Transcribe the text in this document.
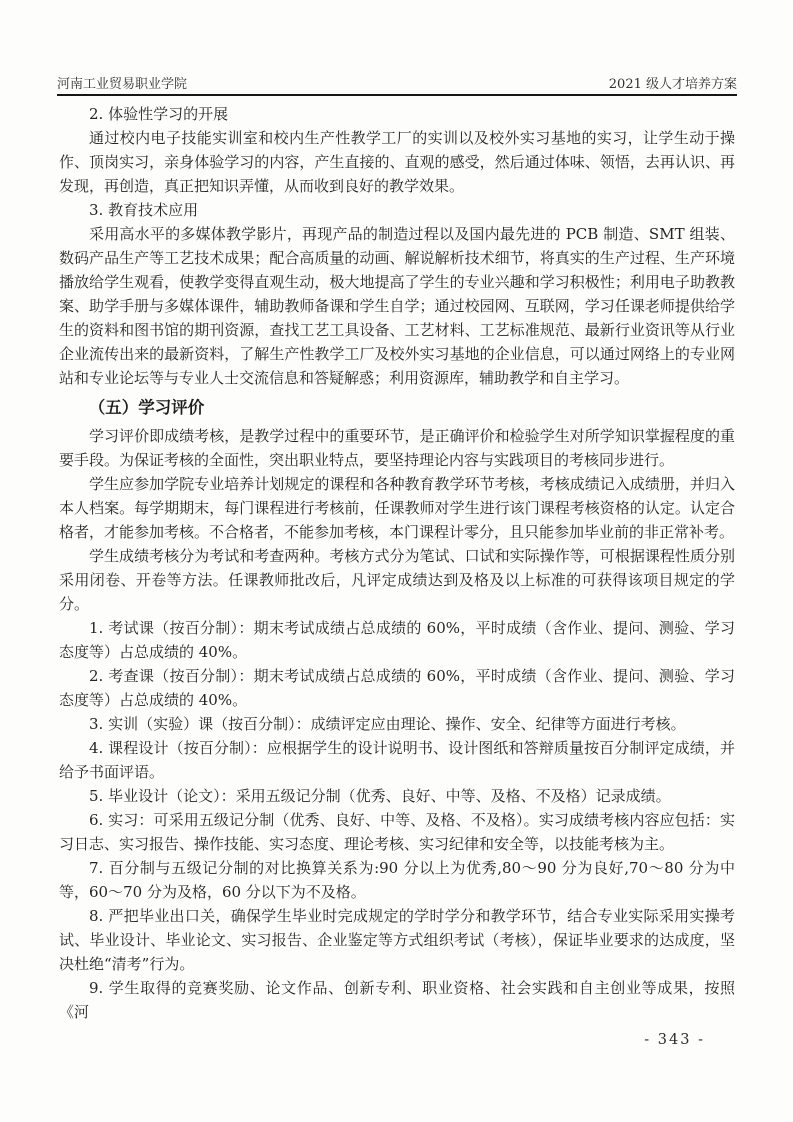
河南工业贸易职业学院	2021 级人才培养方案

2. 体验性学习的开展

通过校内电子技能实训室和校内生产性教学工厂的实训以及校外实习基地的实习，让学生动于操作、顶岗实习，亲身体验学习的内容，产生直接的、直观的感受，然后通过体味、领悟，去再认识、再发现，再创造，真正把知识弄懂，从而收到良好的教学效果。

3. 教育技术应用

采用高水平的多媒体教学影片，再现产品的制造过程以及国内最先进的 PCB 制造、SMT 组装、数码产品生产等工艺技术成果；配合高质量的动画、解说解析技术细节，将真实的生产过程、生产环境播放给学生观看，使教学变得直观生动，极大地提高了学生的专业兴趣和学习积极性；利用电子助教教案、助学手册与多媒体课件，辅助教师备课和学生自学；通过校园网、互联网，学习任课老师提供给学生的资料和图书馆的期刊资源，查找工艺工具设备、工艺材料、工艺标准规范、最新行业资讯等从行业企业流传出来的最新资料，了解生产性教学工厂及校外实习基地的企业信息，可以通过网络上的专业网站和专业论坛等与专业人士交流信息和答疑解惑；利用资源库，辅助教学和自主学习。

（五）学习评价

学习评价即成绩考核，是教学过程中的重要环节，是正确评价和检验学生对所学知识掌握程度的重要手段。为保证考核的全面性，突出职业特点，要坚持理论内容与实践项目的考核同步进行。

学生应参加学院专业培养计划规定的课程和各种教育教学环节考核，考核成绩记入成绩册，并归入本人档案。每学期期末，每门课程进行考核前，任课教师对学生进行该门课程考核资格的认定。认定合格者，才能参加考核。不合格者，不能参加考核，本门课程计零分，且只能参加毕业前的非正常补考。

学生成绩考核分为考试和考查两种。考核方式分为笔试、口试和实际操作等，可根据课程性质分别采用闭卷、开卷等方法。任课教师批改后，凡评定成绩达到及格及以上标准的可获得该项目规定的学分。

1. 考试课（按百分制）：期末考试成绩占总成绩的 60%，平时成绩（含作业、提问、测验、学习态度等）占总成绩的 40%。

2. 考查课（按百分制）：期末考试成绩占总成绩的 60%，平时成绩（含作业、提问、测验、学习态度等）占总成绩的 40%。

3. 实训（实验）课（按百分制）：成绩评定应由理论、操作、安全、纪律等方面进行考核。

4. 课程设计（按百分制）：应根据学生的设计说明书、设计图纸和答辩质量按百分制评定成绩，并给予书面评语。

5. 毕业设计（论文）：采用五级记分制（优秀、良好、中等、及格、不及格）记录成绩。

6. 实习：可采用五级记分制（优秀、良好、中等、及格、不及格）。实习成绩考核内容应包括：实习日志、实习报告、操作技能、实习态度、理论考核、实习纪律和安全等，以技能考核为主。

7. 百分制与五级记分制的对比换算关系为:90 分以上为优秀,80～90 分为良好,70～80 分为中等，60～70 分为及格，60 分以下为不及格。

8. 严把毕业出口关，确保学生毕业时完成规定的学时学分和教学环节，结合专业实际采用实操考试、毕业设计、毕业论文、实习报告、企业鉴定等方式组织考试（考核），保证毕业要求的达成度，坚决杜绝“清考”行为。

9. 学生取得的竞赛奖励、论文作品、创新专利、职业资格、社会实践和自主创业等成果，按照《河

- 343 -
